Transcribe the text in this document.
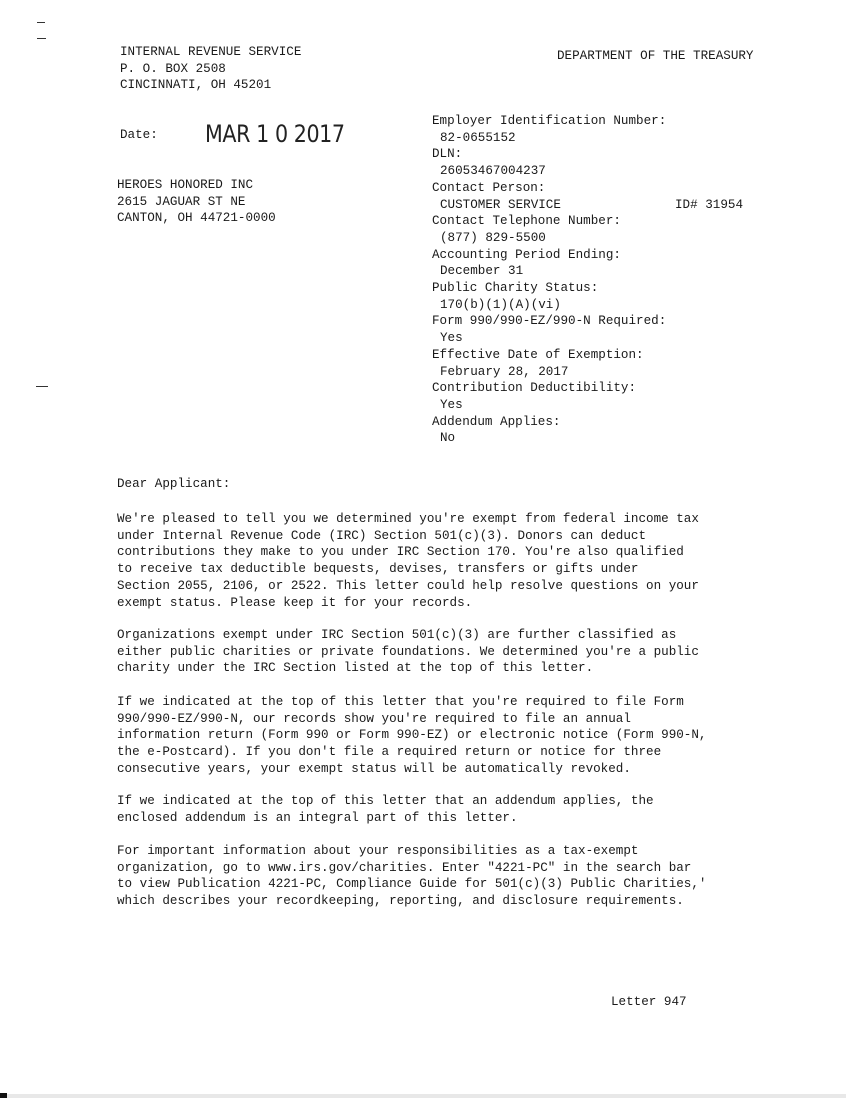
INTERNAL REVENUE SERVICE
P. O. BOX 2508
CINCINNATI, OH 45201
DEPARTMENT OF THE TREASURY
Date: MAR 1 0 2017
HEROES HONORED INC
2615 JAGUAR ST NE
CANTON, OH 44721-0000
Employer Identification Number:
82-0655152
DLN:
26053467004237
Contact Person:
CUSTOMER SERVICE
Contact Telephone Number:
(877) 829-5500
Accounting Period Ending:
December 31
Public Charity Status:
170(b)(1)(A)(vi)
Form 990/990-EZ/990-N Required:
Yes
Effective Date of Exemption:
February 28, 2017
Contribution Deductibility:
Yes
Addendum Applies:
No
ID# 31954
Dear Applicant:
We're pleased to tell you we determined you're exempt from federal income tax
under Internal Revenue Code (IRC) Section 501(c)(3). Donors can deduct
contributions they make to you under IRC Section 170. You're also qualified
to receive tax deductible bequests, devises, transfers or gifts under
Section 2055, 2106, or 2522. This letter could help resolve questions on your
exempt status. Please keep it for your records.
Organizations exempt under IRC Section 501(c)(3) are further classified as
either public charities or private foundations. We determined you're a public
charity under the IRC Section listed at the top of this letter.
If we indicated at the top of this letter that you're required to file Form
990/990-EZ/990-N, our records show you're required to file an annual
information return (Form 990 or Form 990-EZ) or electronic notice (Form 990-N,
the e-Postcard). If you don't file a required return or notice for three
consecutive years, your exempt status will be automatically revoked.
If we indicated at the top of this letter that an addendum applies, the
enclosed addendum is an integral part of this letter.
For important information about your responsibilities as a tax-exempt
organization, go to www.irs.gov/charities. Enter "4221-PC" in the search bar
to view Publication 4221-PC, Compliance Guide for 501(c)(3) Public Charities,'
which describes your recordkeeping, reporting, and disclosure requirements.
Letter 947
